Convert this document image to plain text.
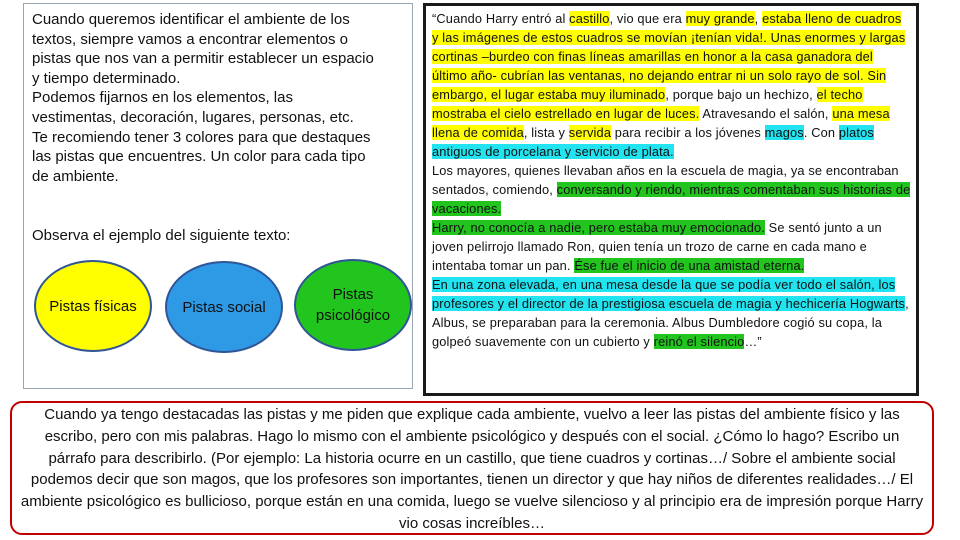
Cuando queremos identificar el ambiente de los
textos, siempre vamos a encontrar elementos o
pistas que nos van a permitir establecer un espacio
y tiempo determinado.
Podemos fijarnos en los elementos, las
vestimentas, decoración, lugares, personas, etc.
Te recomiendo tener 3 colores para que destaques
las pistas que encuentres. Un color para cada tipo
de ambiente.
Observa el ejemplo del siguiente texto:
Pistas físicas	Pistas social
Pistas psicológico

“Cuando Harry entró al castillo, vio que era muy grande, estaba lleno de cuadros y las imágenes de estos cuadros se movían ¡tenían vida!. Unas enormes y largas cortinas –burdeo con finas líneas amarillas en honor a la casa ganadora del último año- cubrían las ventanas, no dejando entrar ni un solo rayo de sol. Sin embargo, el lugar estaba muy iluminado, porque bajo un hechizo, el techo mostraba el cielo estrellado en lugar de luces. Atravesando el salón, una mesa llena de comida, lista y servida para recibir a los jóvenes magos. Con platos antiguos de porcelana y servicio de plata.

Los mayores, quienes llevaban años en la escuela de magia, ya se encontraban sentados, comiendo, conversando y riendo, mientras comentaban sus historias de vacaciones.

Harry, no conocía a nadie, pero estaba muy emocionado. Se sentó junto a un joven pelirrojo llamado Ron, quien tenía un trozo de carne en cada mano e intentaba tomar un pan. Ése fue el inicio de una amistad eterna.

En una zona elevada, en una mesa desde la que se podía ver todo el salón, los profesores y el director de la prestigiosa escuela de magia y hechicería Hogwarts, Albus, se preparaban para la ceremonia. Albus Dumbledore cogió su copa, la golpeó suavemente con un cubierto y reinó el silencio…”

Cuando ya tengo destacadas las pistas y me piden que explique cada ambiente, vuelvo a leer las pistas del ambiente físico y las escribo, pero con mis palabras. Hago lo mismo con el ambiente psicológico y después con el social. ¿Cómo lo hago? Escribo un párrafo para describirlo. (Por ejemplo: La historia ocurre en un castillo, que tiene cuadros y cortinas…/ Sobre el ambiente social podemos decir que son magos, que los profesores son importantes, tienen un director y que hay niños de diferentes realidades…/ El ambiente psicológico es bullicioso, porque están en una comida, luego se vuelve silencioso y al principio era de impresión porque Harry vio cosas increíbles…
